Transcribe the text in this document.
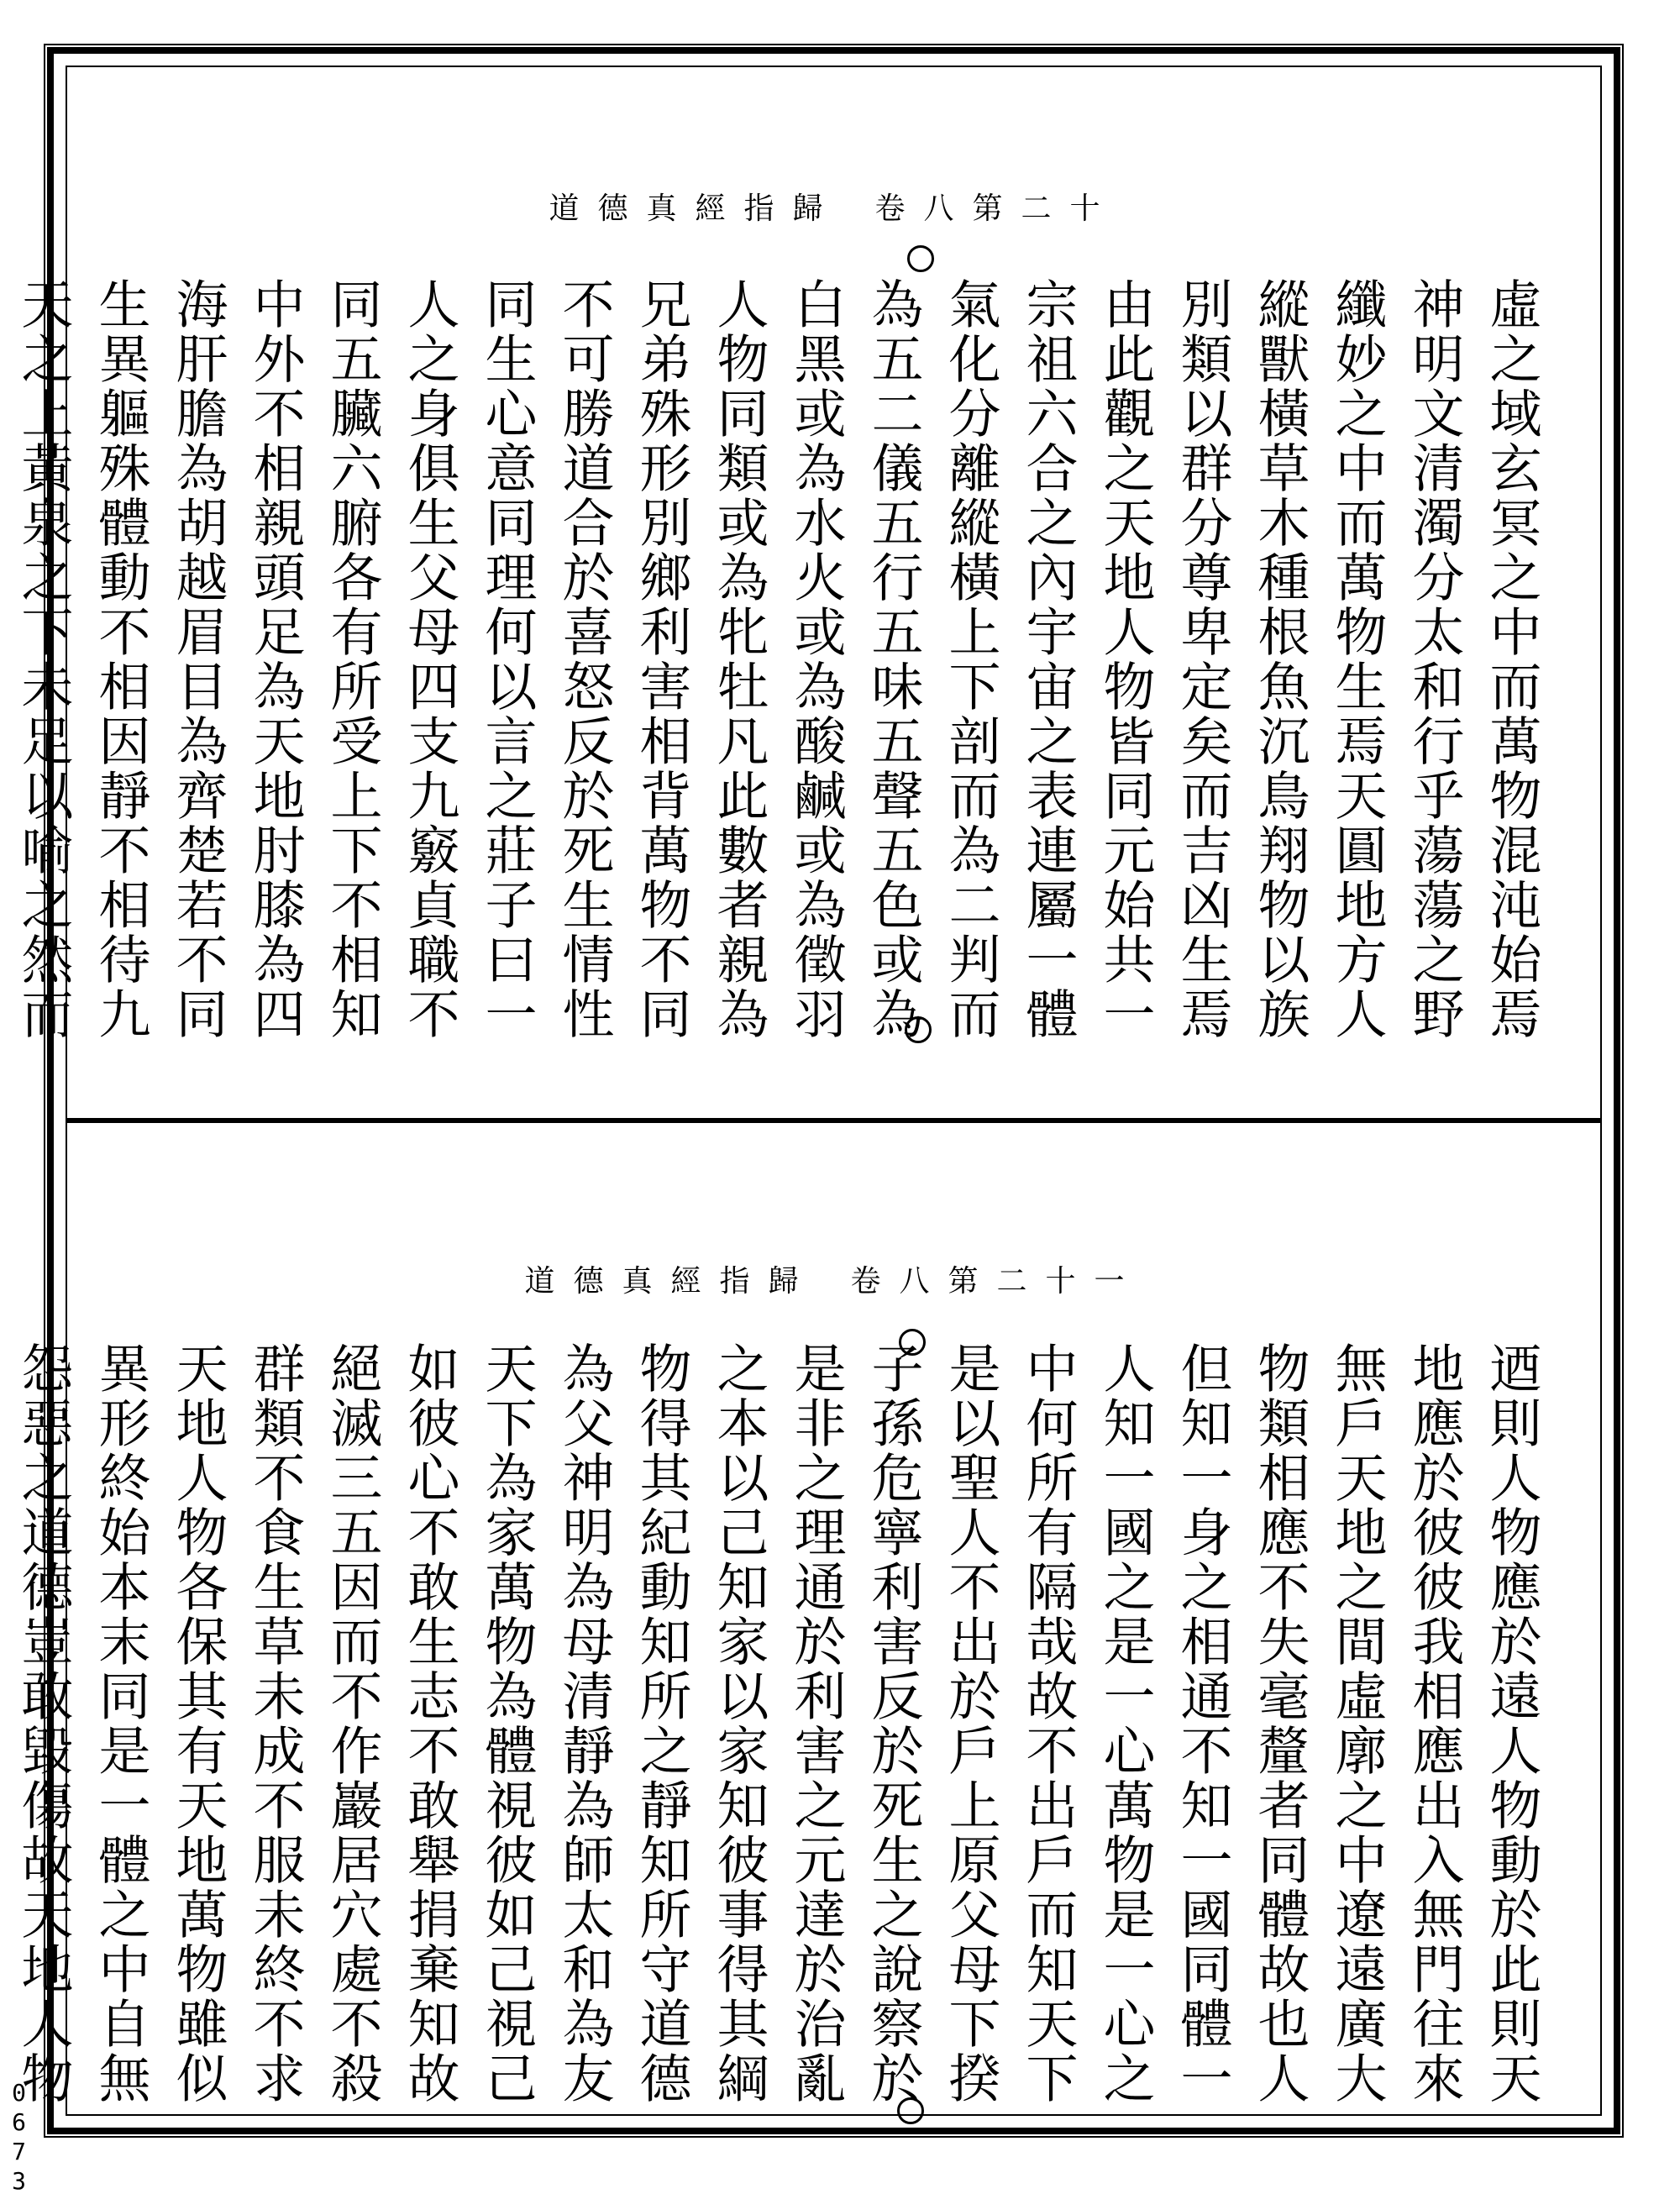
道德真經指歸 卷八第二十

虛之域玄冥之中而萬物混沌始焉神明文清濁分太和行乎蕩蕩之野纖妙之中而萬物生焉天圓地方人縱獸橫草木種根魚沉鳥翔物以族別類以群分尊卑定矣而吉凶生焉由此觀之天地人物皆同元始共一宗祖六合之內宇宙之表連屬一體氣化分離縱橫上下剖而為二判而為五二儀五行五味五聲五色或為白黑或為水火或為酸鹹或為徵羽人物同類或為牝牡凡此數者親為兄弟殊形別鄉利害相背萬物不同不可勝道合於喜怒反於死生情性同生心意同理何以言之莊子曰一人之身俱生父母四支九竅貞職不同五臟六腑各有所受上下不相知中外不相親頭足為天地肘膝為四海肝膽為胡越眉目為齊楚若不同生異軀殊體動不相因靜不相待九天之上黃泉之下未足以喻之然而

道德真經指歸 卷八第二十一

迺則人物應於遠人物動於此則天地應於彼彼我相應出入無門往來無戶天地之間虛廓之中遼遠廣大物類相應不失毫釐者同體故也人但知一身之相通不知一國同體一人知一國之是一心萬物是一心之中何所有隔哉故不出戶而知天下是以聖人不出於戶上原父母下揆子孫危寧利害反於死生之說察於是非之理通於利害之元達於治亂之本以己知家以家知彼事得其綱物得其紀動知所之靜知所守道德為父神明為母清靜為師太和為友天下為家萬物為體視彼如己視己如彼心不敢生志不敢舉捐棄知故絕滅三五因而不作巖居穴處不殺群類不食生草未成不服未終不求天地人物各保其有天地萬物雖似異形終始本末同是一體之中自無怨惡之道德豈敢毀傷故天地人物

0673
